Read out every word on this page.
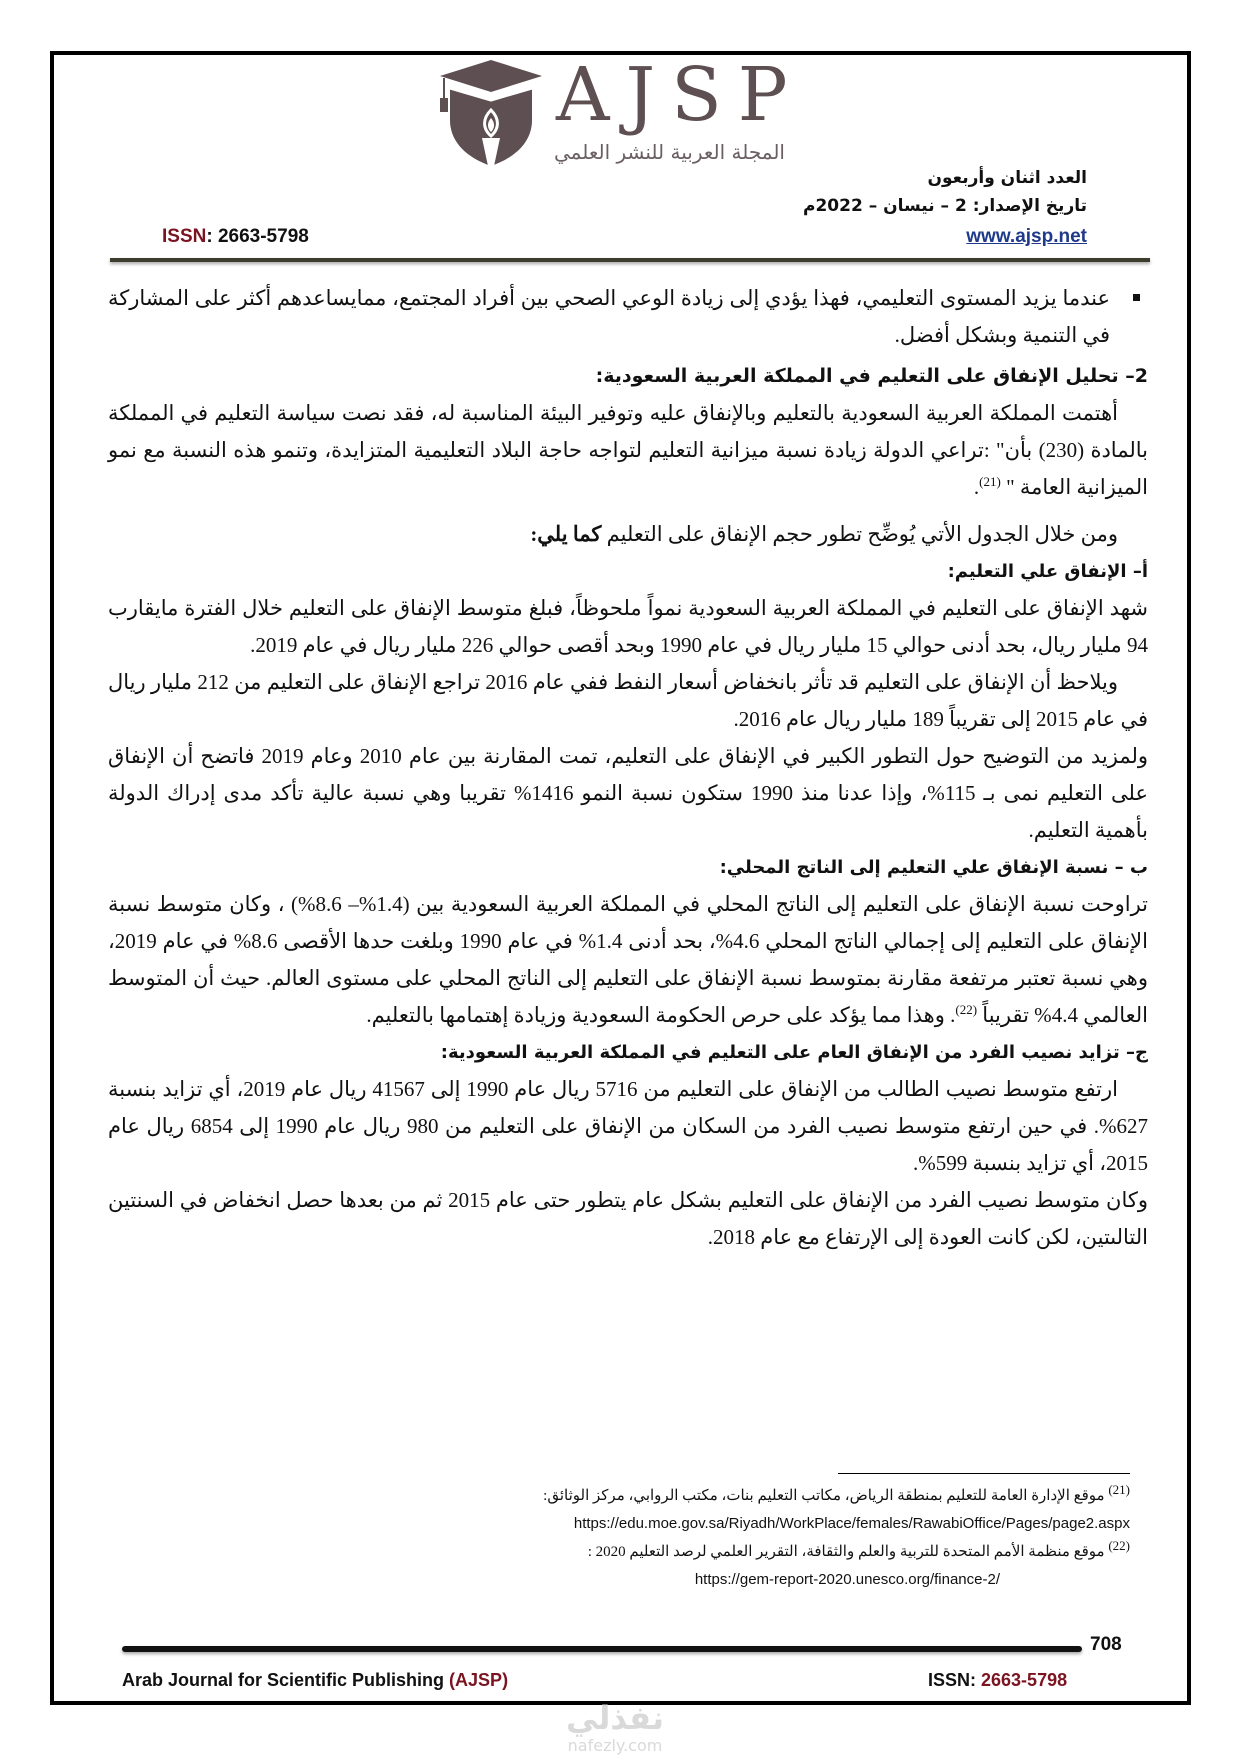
AJSP
المجلة العربية للنشر العلمي
العدد اثنان وأربعون
تاريخ الإصدار: 2 – نيسان – 2022م
www.ajsp.net
ISSN: 2663-5798

عندما يزيد المستوى التعليمي، فهذا يؤدي إلى زيادة الوعي الصحي بين أفراد المجتمع، ممايساعدهم أكثر على المشاركة في التنمية وبشكل أفضل.

2– تحليل الإنفاق على التعليم في المملكة العربية السعودية:

أهتمت المملكة العربية السعودية بالتعليم وبالإنفاق عليه وتوفير البيئة المناسبة له، فقد نصت سياسة التعليم في المملكة بالمادة (230) بأن" :تراعي الدولة زيادة نسبة ميزانية التعليم لتواجه حاجة البلاد التعليمية المتزايدة، وتنمو هذه النسبة مع نمو الميزانية العامة " $^{(21)}$.

ومن خلال الجدول الأتي يُوضِّح تطور حجم الإنفاق على التعليم كما يلي:

أ– الإنفاق علي التعليم:

شهد الإنفاق على التعليم في المملكة العربية السعودية نمواً ملحوظاً، فبلغ متوسط الإنفاق على التعليم خلال الفترة مايقارب 94 مليار ريال، بحد أدنى حوالي 15 مليار ريال في عام 1990 وبحد أقصى حوالي 226 مليار ريال في عام 2019.

ويلاحظ أن الإنفاق على التعليم قد تأثر بانخفاض أسعار النفط ففي عام 2016 تراجع الإنفاق على التعليم من 212 مليار ريال في عام 2015 إلى تقريباً 189 مليار ريال عام 2016.

ولمزيد من التوضيح حول التطور الكبير في الإنفاق على التعليم، تمت المقارنة بين عام 2010 وعام 2019 فاتضح أن الإنفاق على التعليم نمى بـ 115%، وإذا عدنا منذ 1990 ستكون نسبة النمو 1416% تقريبا وهي نسبة عالية تأكد مدى إدراك الدولة بأهمية التعليم.

ب – نسبة الإنفاق علي التعليم إلى الناتج المحلي:

تراوحت نسبة الإنفاق على التعليم إلى الناتج المحلي في المملكة العربية السعودية بين (1.4%– 8.6%) ، وكان متوسط نسبة الإنفاق على التعليم إلى إجمالي الناتج المحلي 4.6%، بحد أدنى 1.4% في عام 1990 وبلغت حدها الأقصى 8.6% في عام 2019، وهي نسبة تعتبر مرتفعة مقارنة بمتوسط نسبة الإنفاق على التعليم إلى الناتج المحلي على مستوى العالم. حيث أن المتوسط العالمي 4.4% تقريباً $^{(22)}$. وهذا مما يؤكد على حرص الحكومة السعودية وزيادة إهتمامها بالتعليم.

ج– تزايد نصيب الفرد من الإنفاق العام على التعليم في المملكة العربية السعودية:

ارتفع متوسط نصيب الطالب من الإنفاق على التعليم من 5716 ريال عام 1990 إلى 41567 ريال عام 2019، أي تزايد بنسبة 627%. في حين ارتفع متوسط نصيب الفرد من السكان من الإنفاق على التعليم من 980 ريال عام 1990 إلى 6854 ريال عام 2015، أي تزايد بنسبة 599%.

وكان متوسط نصيب الفرد من الإنفاق على التعليم بشكل عام يتطور حتى عام 2015 ثم من بعدها حصل انخفاض في السنتين التالىتين، لكن كانت العودة إلى الإرتفاع مع عام 2018.

(21) موقع الإدارة العامة للتعليم بمنطقة الرياض، مكاتب التعليم بنات، مكتب الروابي، مركز الوثائق:
https://edu.moe.gov.sa/Riyadh/WorkPlace/females/RawabiOffice/Pages/page2.aspx
(22) موقع منظمة الأمم المتحدة للتربية والعلم والثقافة، التقرير العلمي لرصد التعليم 2020 :
https://gem-report-2020.unesco.org/finance-2/
708
Arab Journal for Scientific Publishing (AJSP)	ISSN: 2663-5798
نفذلي
nafezly.com
